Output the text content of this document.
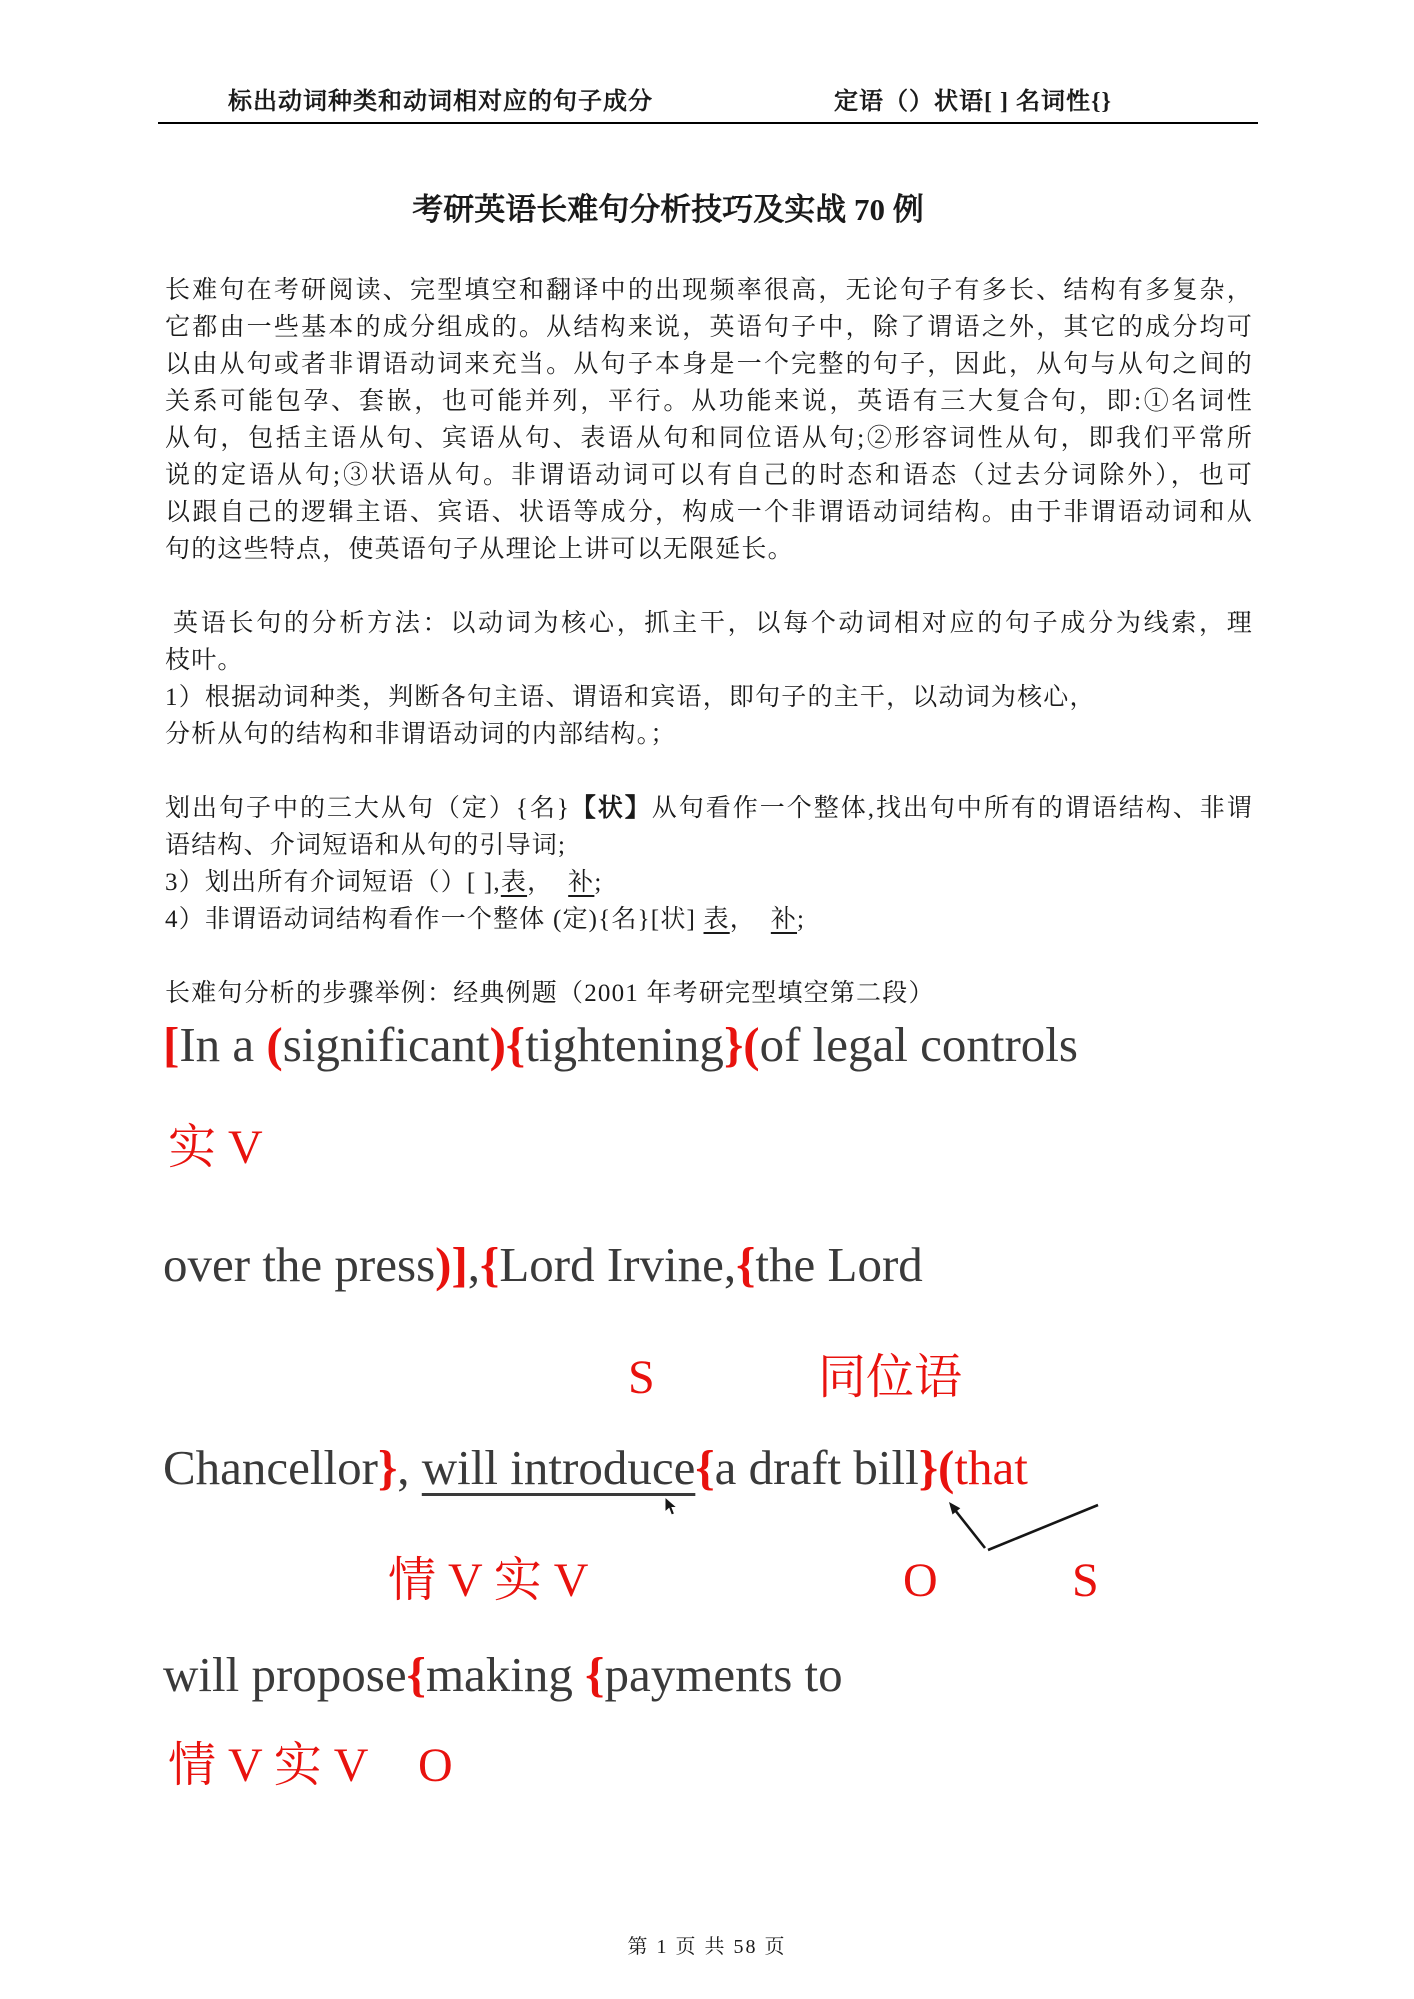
标出动词种类和动词相对应的句子成分	定语（）状语[ ] 名词性{}
考研英语长难句分析技巧及实战 70 例
长难句在考研阅读、完型填空和翻译中的出现频率很高，无论句子有多长、结构有多复杂，
它都由一些基本的成分组成的。从结构来说，英语句子中，除了谓语之外，其它的成分均可
以由从句或者非谓语动词来充当。从句子本身是一个完整的句子，因此，从句与从句之间的
关系可能包孕、套嵌，也可能并列，平行。从功能来说，英语有三大复合句，即:①名词性
从句，包括主语从句、宾语从句、表语从句和同位语从句;②形容词性从句，即我们平常所
说的定语从句;③状语从句。非谓语动词可以有自己的时态和语态（过去分词除外），也可
以跟自己的逻辑主语、宾语、状语等成分，构成一个非谓语动词结构。由于非谓语动词和从
句的这些特点，使英语句子从理论上讲可以无限延长。
英语长句的分析方法：以动词为核心，抓主干，以每个动词相对应的句子成分为线索，理
枝叶。
1）根据动词种类，判断各句主语、谓语和宾语，即句子的主干，以动词为核心，
分析从句的结构和非谓语动词的内部结构。；
划出句子中的三大从句（定）{名}【状】从句看作一个整体,找出句中所有的谓语结构、非谓
语结构、介词短语和从句的引导词;
3）划出所有介词短语（）[ ],表，  补;
4）非谓语动词结构看作一个整体 (定){名}[状] 表，  补;
长难句分析的步骤举例：经典例题（2001 年考研完型填空第二段）
[In a (significant){tightening}(of legal controls
实 V
over the press)],{Lord Irvine,{the Lord
S	同位语
Chancellor}, will introduce{a draft bill}(that
情 V 实 V	O	S
will propose{making {payments to
情 V 实 V O
第 1 页 共 58 页
